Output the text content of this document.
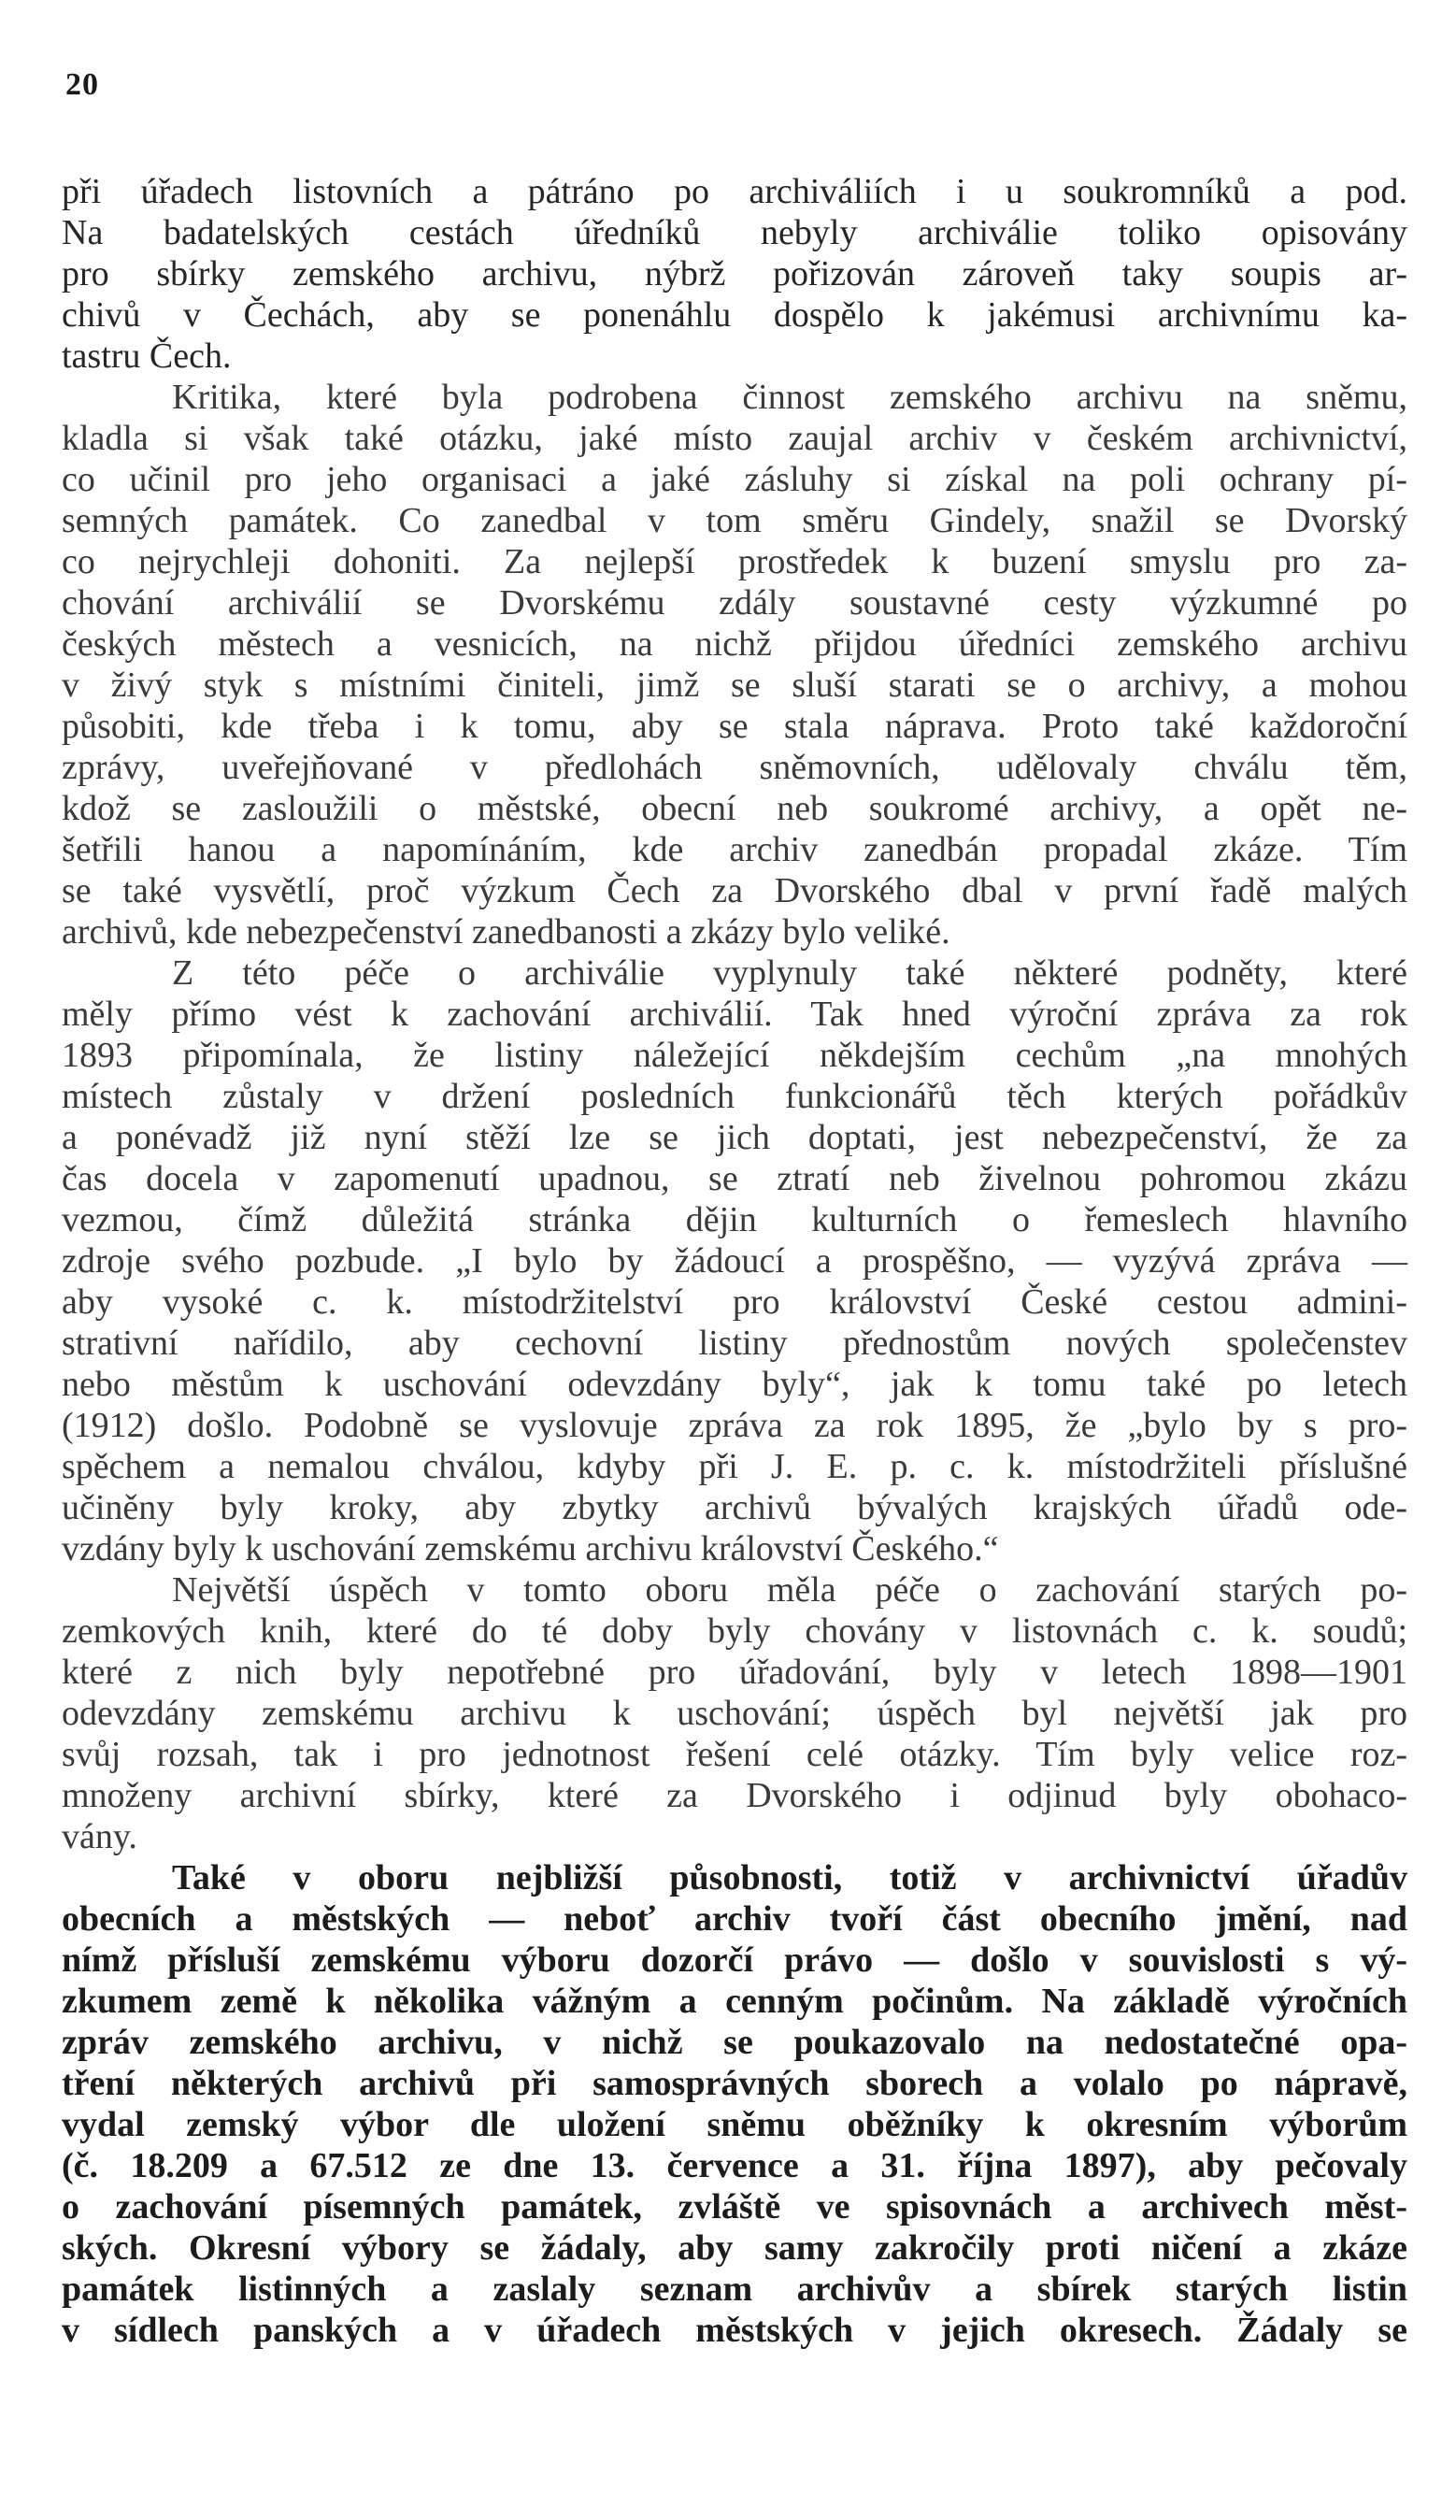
20
při úřadech listovních a pátráno po archiváliích i u soukromníků a pod.
Na badatelských cestách úředníků nebyly archiválie toliko opisovány
pro sbírky zemského archivu, nýbrž pořizován zároveň taky soupis ar-
chivů v Čechách, aby se ponenáhlu dospělo k jakémusi archivnímu ka-
tastru Čech.
Kritika, které byla podrobena činnost zemského archivu na sněmu,
kladla si však také otázku, jaké místo zaujal archiv v českém archivnictví,
co učinil pro jeho organisaci a jaké zásluhy si získal na poli ochrany pí-
semných památek. Co zanedbal v tom směru Gindely, snažil se Dvorský
co nejrychleji dohoniti. Za nejlepší prostředek k buzení smyslu pro za-
chování archiválií se Dvorskému zdály soustavné cesty výzkumné po
českých městech a vesnicích, na nichž přijdou úředníci zemského archivu
v živý styk s místními činiteli, jimž se sluší starati se o archivy, a mohou
působiti, kde třeba i k tomu, aby se stala náprava. Proto také každoroční
zprávy, uveřejňované v předlohách sněmovních, udělovaly chválu těm,
kdož se zasloužili o městské, obecní neb soukromé archivy, a opět ne-
šetřili hanou a napomínáním, kde archiv zanedbán propadal zkáze. Tím
se také vysvětlí, proč výzkum Čech za Dvorského dbal v první řadě malých
archivů, kde nebezpečenství zanedbanosti a zkázy bylo veliké.
Z této péče o archiválie vyplynuly také některé podněty, které
měly přímo vést k zachování archiválií. Tak hned výroční zpráva za rok
1893 připomínala, že listiny náležející někdejším cechům „na mnohých
místech zůstaly v držení posledních funkcionářů těch kterých pořádkův
a ponévadž již nyní stěží lze se jich doptati, jest nebezpečenství, že za
čas docela v zapomenutí upadnou, se ztratí neb živelnou pohromou zkázu
vezmou, čímž důležitá stránka dějin kulturních o řemeslech hlavního
zdroje svého pozbude. „I bylo by žádoucí a prospěšno, — vyzývá zpráva —
aby vysoké c. k. místodržitelství pro království České cestou admini-
strativní nařídilo, aby cechovní listiny přednostům nových společenstev
nebo městům k uschování odevzdány byly“, jak k tomu také po letech
(1912) došlo. Podobně se vyslovuje zpráva za rok 1895, že „bylo by s pro-
spěchem a nemalou chválou, kdyby při J. E. p. c. k. místodržiteli příslušné
učiněny byly kroky, aby zbytky archivů bývalých krajských úřadů ode-
vzdány byly k uschování zemskému archivu království Českého.“
Největší úspěch v tomto oboru měla péče o zachování starých po-
zemkových knih, které do té doby byly chovány v listovnách c. k. soudů;
které z nich byly nepotřebné pro úřadování, byly v letech 1898—1901
odevzdány zemskému archivu k uschování; úspěch byl největší jak pro
svůj rozsah, tak i pro jednotnost řešení celé otázky. Tím byly velice roz-
množeny archivní sbírky, které za Dvorského i odjinud byly obohaco-
vány.
Také v oboru nejbližší působnosti, totiž v archivnictví úřadův
obecních a městských — neboť archiv tvoří část obecního jmění, nad
nímž přísluší zemskému výboru dozorčí právo — došlo v souvislosti s vý-
zkumem země k několika vážným a cenným počinům. Na základě výročních
zpráv zemského archivu, v nichž se poukazovalo na nedostatečné opa-
tření některých archivů při samosprávných sborech a volalo po nápravě,
vydal zemský výbor dle uložení sněmu oběžníky k okresním výborům
(č. 18.209 a 67.512 ze dne 13. července a 31. října 1897), aby pečovaly
o zachování písemných památek, zvláště ve spisovnách a archivech měst-
ských. Okresní výbory se žádaly, aby samy zakročily proti ničení a zkáze
památek listinných a zaslaly seznam archivův a sbírek starých listin
v sídlech panských a v úřadech městských v jejich okresech. Žádaly se
